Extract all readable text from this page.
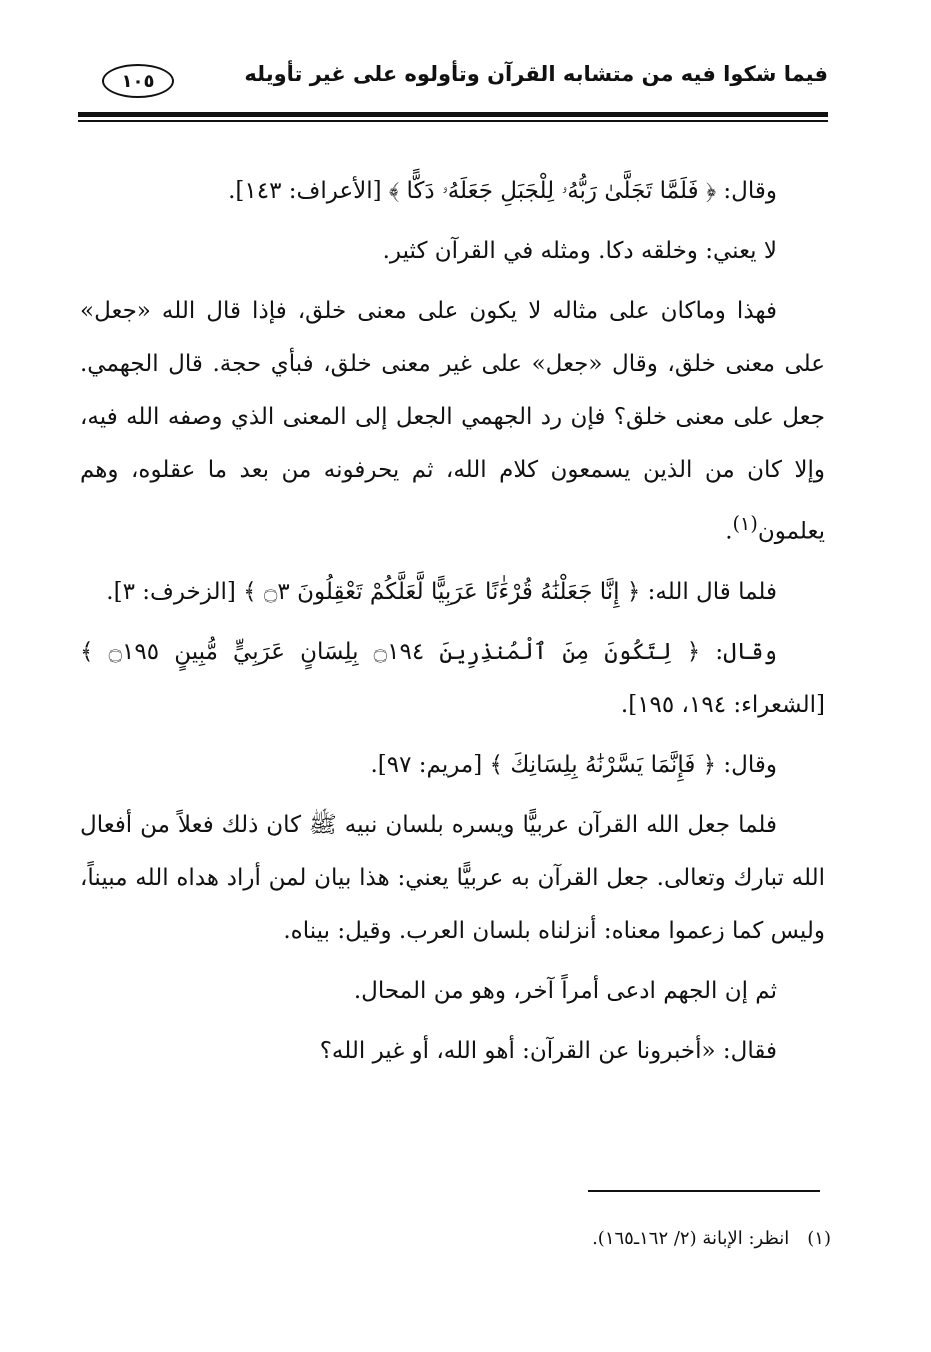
فيما شكوا فيه من متشابه القرآن وتأولوه على غير تأويله
١٠٥

وقال: ﴿ فَلَمَّا تَجَلَّىٰ رَبُّهُۥ لِلْجَبَلِ جَعَلَهُۥ دَكًّا ﴾ [الأعراف: ١٤٣].

لا يعني: وخلقه دكا. ومثله في القرآن كثير.

فهذا وماكان على مثاله لا يكون على معنى خلق، فإذا قال الله «جعل» على معنى خلق، وقال «جعل» على غير معنى خلق، فبأي حجة. قال الجهمي. جعل على معنى خلق؟ فإن رد الجهمي الجعل إلى المعنى الذي وصفه الله فيه، وإلا كان من الذين يسمعون كلام الله، ثم يحرفونه من بعد ما عقلوه، وهم يعلمون$^{(١)}$.

فلما قال الله: ﴿ إِنَّا جَعَلْنَٰهُ قُرْءَٰنًا عَرَبِيًّا لَّعَلَّكُمْ تَعْقِلُونَ ۝٣ ﴾ [الزخرف: ٣].

وقال: ﴿ لِتَكُونَ مِنَ ٱلْمُنذِرِينَ ۝١٩٤ بِلِسَانٍ عَرَبِيٍّ مُّبِينٍ ۝١٩٥ ﴾ [الشعراء: ١٩٤، ١٩٥].

وقال: ﴿ فَإِنَّمَا يَسَّرْنَٰهُ بِلِسَانِكَ ﴾ [مريم: ٩٧].

فلما جعل الله القرآن عربيًّا ويسره بلسان نبيه ﷺ كان ذلك فعلاً من أفعال الله تبارك وتعالى. جعل القرآن به عربيًّا يعني: هذا بيان لمن أراد هداه الله مبيناً، وليس كما زعموا معناه: أنزلناه بلسان العرب. وقيل: بيناه.

ثم إن الجهم ادعى أمراً آخر، وهو من المحال.

فقال: «أخبرونا عن القرآن: أهو الله، أو غير الله؟

(١)انظر: الإبانة (٢/ ١٦٢ـ١٦٥).
